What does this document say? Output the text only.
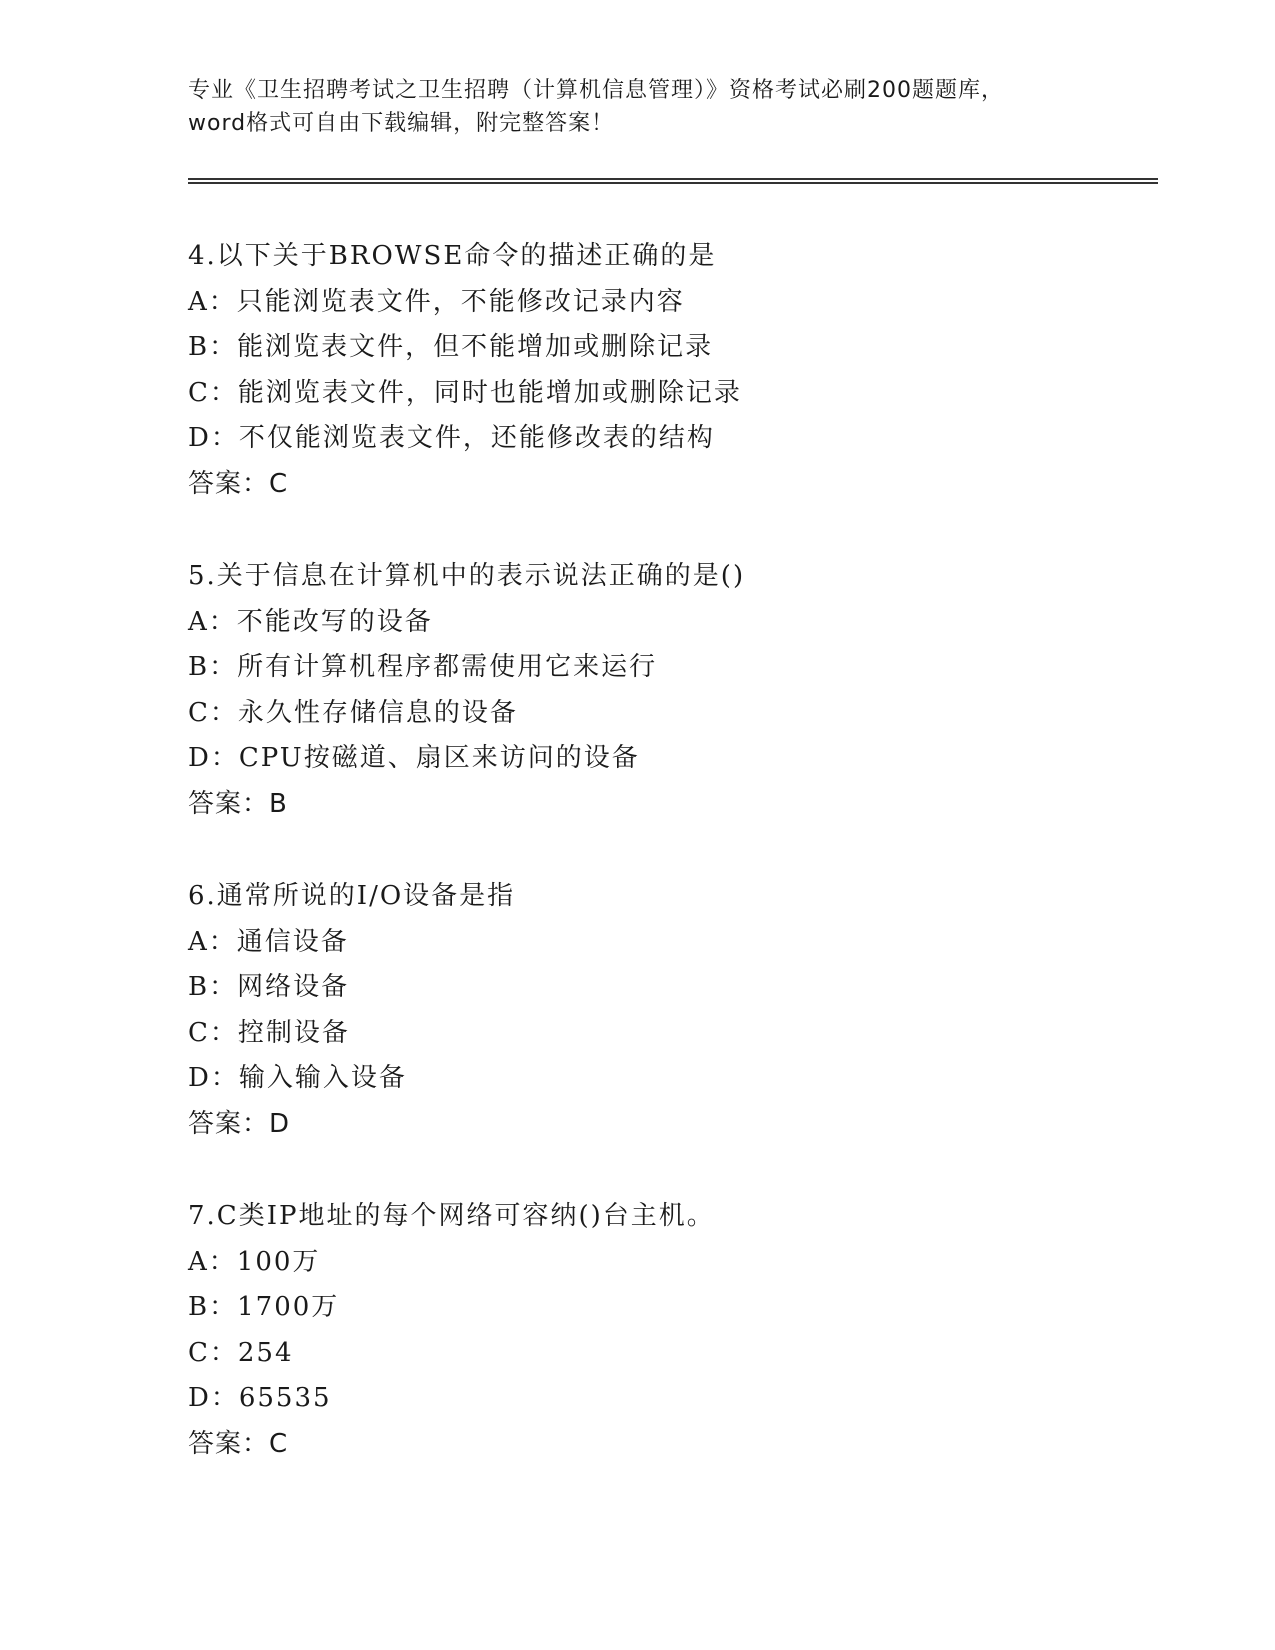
专业《卫生招聘考试之卫生招聘（计算机信息管理）》资格考试必刷200题题库，
word格式可自由下载编辑，附完整答案！
4.以下关于BROWSE命令的描述正确的是
A：只能浏览表文件，不能修改记录内容
B：能浏览表文件，但不能增加或删除记录
C：能浏览表文件，同时也能增加或删除记录
D：不仅能浏览表文件，还能修改表的结构
答案：C
5.关于信息在计算机中的表示说法正确的是()
A：不能改写的设备
B：所有计算机程序都需使用它来运行
C：永久性存储信息的设备
D：CPU按磁道、扇区来访问的设备
答案：B
6.通常所说的I/O设备是指
A：通信设备
B：网络设备
C：控制设备
D：输入输入设备
答案：D
7.C类IP地址的每个网络可容纳()台主机。
A：100万
B：1700万
C：254
D：65535
答案：C
